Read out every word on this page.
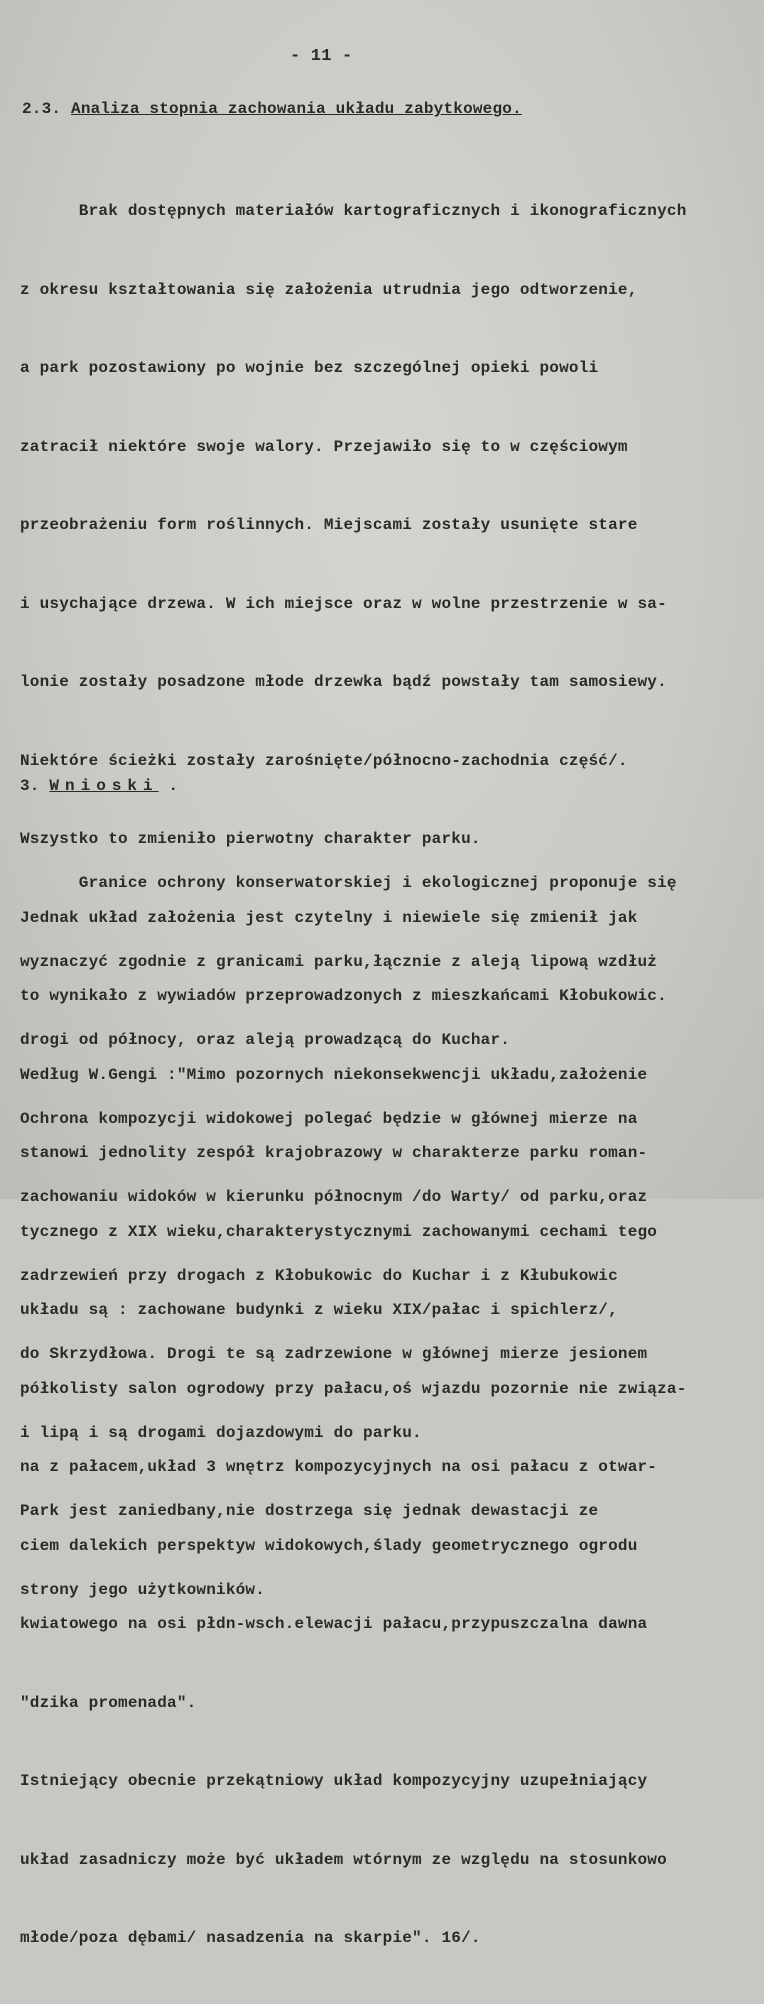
- 11 -
2.3. Analiza stopnia zachowania układu zabytkowego.

Brak dostępnych materiałów kartograficznych i ikonograficznych

z okresu kształtowania się założenia utrudnia jego odtworzenie,

a park pozostawiony po wojnie bez szczególnej opieki powoli

zatracił niektóre swoje walory. Przejawiło się to w częściowym

przeobrażeniu form roślinnych. Miejscami zostały usunięte stare

i usychające drzewa. W ich miejsce oraz w wolne przestrzenie w sa-

lonie zostały posadzone młode drzewka bądź powstały tam samosiewy.

Niektóre ścieżki zostały zarośnięte/północno-zachodnia część/.

Wszystko to zmieniło pierwotny charakter parku.

Jednak układ założenia jest czytelny i niewiele się zmienił jak

to wynikało z wywiadów przeprowadzonych z mieszkańcami Kłobukowic.

Według W.Gengi :"Mimo pozornych niekonsekwencji układu,założenie

stanowi jednolity zespół krajobrazowy w charakterze parku roman-

tycznego z XIX wieku,charakterystycznymi zachowanymi cechami tego

układu są : zachowane budynki z wieku XIX/pałac i spichlerz/,

półkolisty salon ogrodowy przy pałacu,oś wjazdu pozornie nie związa-

na z pałacem,układ 3 wnętrz kompozycyjnych na osi pałacu z otwar-

ciem dalekich perspektyw widokowych,ślady geometrycznego ogrodu

kwiatowego na osi płdn-wsch.elewacji pałacu,przypuszczalna dawna

"dzika promenada".

Istniejący obecnie przekątniowy układ kompozycyjny uzupełniający

układ zasadniczy może być układem wtórnym ze względu na stosunkowo

młode/poza dębami/ nasadzenia na skarpie". 16/.

3. Wnioski .

Granice ochrony konserwatorskiej i ekologicznej proponuje się

wyznaczyć zgodnie z granicami parku,łącznie z aleją lipową wzdłuż

drogi od północy, oraz aleją prowadzącą do Kuchar.

Ochrona kompozycji widokowej polegać będzie w głównej mierze na

zachowaniu widoków w kierunku północnym /do Warty/ od parku,oraz

zadrzewień przy drogach z Kłobukowic do Kuchar i z Kłubukowic

do Skrzydłowa. Drogi te są zadrzewione w głównej mierze jesionem

i lipą i są drogami dojazdowymi do parku.

Park jest zaniedbany,nie dostrzega się jednak dewastacji ze

strony jego użytkowników.
